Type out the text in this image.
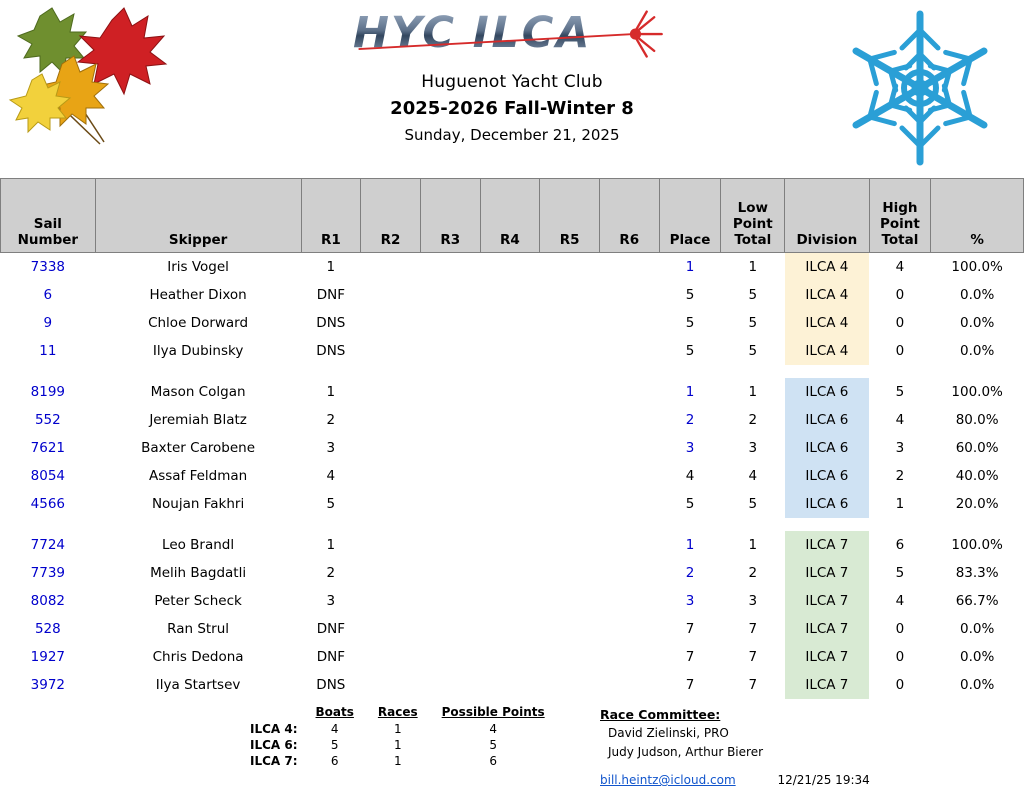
HYC ILCA
Huguenot Yacht Club
2025-2026 Fall-Winter 8
Sunday, December 21, 2025
Sail
Number	Skipper	R1	R2	R3	R4	R5	R6	Place	
Low
Point
Total	Division	
High
Point
Total	%
7338	Iris Vogel	1						1	1	ILCA 4	4	100.0%
6	Heather Dixon	DNF						5	5	ILCA 4	0	0.0%
9	Chloe Dorward	DNS						5	5	ILCA 4	0	0.0%
11	Ilya Dubinsky	DNS						5	5	ILCA 4	0	0.0%

8199	Mason Colgan	1						1	1	ILCA 6	5	100.0%
552	Jeremiah Blatz	2						2	2	ILCA 6	4	80.0%
7621	Baxter Carobene	3						3	3	ILCA 6	3	60.0%
8054	Assaf Feldman	4						4	4	ILCA 6	2	40.0%
4566	Noujan Fakhri	5						5	5	ILCA 6	1	20.0%

7724	Leo Brandl	1						1	1	ILCA 7	6	100.0%
7739	Melih Bagdatli	2						2	2	ILCA 7	5	83.3%
8082	Peter Scheck	3						3	3	ILCA 7	4	66.7%
528	Ran Strul	DNF						7	7	ILCA 7	0	0.0%
1927	Chris Dedona	DNF						7	7	ILCA 7	0	0.0%
3972	Ilya Startsev	DNS						7	7	ILCA 7	0	0.0%
	Boats	Races	Possible Points
ILCA 4:	4	1	4
ILCA 6:	5	1	5
ILCA 7:	6	1	6
Race Committee:
David Zielinski, PRO
Judy Judson, Arthur Bierer
bill.heintz@icloud.com	12/21/25 19:34
